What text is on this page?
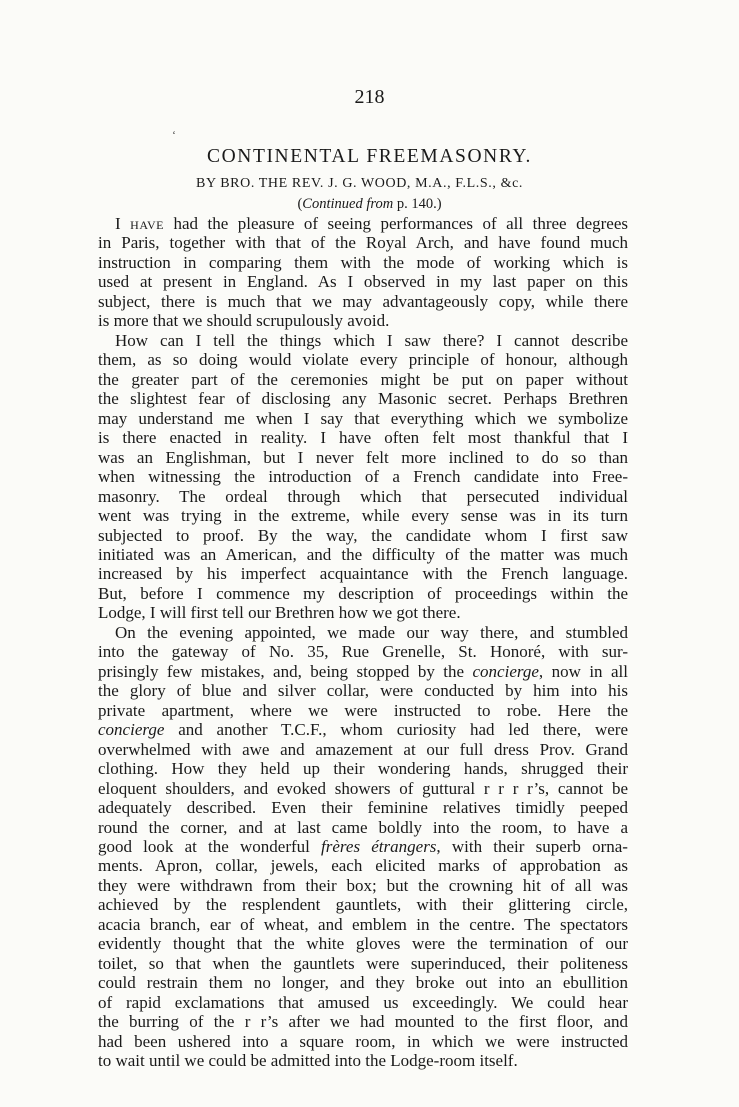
218
‘
CONTINENTAL FREEMASONRY.
BY BRO. THE REV. J. G. WOOD, M.A., F.L.S., &c.
(Continued from p. 140.)
I have had the pleasure of seeing performances of all three degrees
in Paris, together with that of the Royal Arch, and have found much
instruction in comparing them with the mode of working which is
used at present in England. As I observed in my last paper on this
subject, there is much that we may advantageously copy, while there
is more that we should scrupulously avoid.
How can I tell the things which I saw there? I cannot describe
them, as so doing would violate every principle of honour, although
the greater part of the ceremonies might be put on paper without
the slightest fear of disclosing any Masonic secret. Perhaps Brethren
may understand me when I say that everything which we symbolize
is there enacted in reality. I have often felt most thankful that I
was an Englishman, but I never felt more inclined to do so than
when witnessing the introduction of a French candidate into Free-
masonry. The ordeal through which that persecuted individual
went was trying in the extreme, while every sense was in its turn
subjected to proof. By the way, the candidate whom I first saw
initiated was an American, and the difficulty of the matter was much
increased by his imperfect acquaintance with the French language.
But, before I commence my description of proceedings within the
Lodge, I will first tell our Brethren how we got there.
On the evening appointed, we made our way there, and stumbled
into the gateway of No. 35, Rue Grenelle, St. Honoré, with sur-
prisingly few mistakes, and, being stopped by the concierge, now in all
the glory of blue and silver collar, were conducted by him into his
private apartment, where we were instructed to robe. Here the
concierge and another T.C.F., whom curiosity had led there, were
overwhelmed with awe and amazement at our full dress Prov. Grand
clothing. How they held up their wondering hands, shrugged their
eloquent shoulders, and evoked showers of guttural r r r r’s, cannot be
adequately described. Even their feminine relatives timidly peeped
round the corner, and at last came boldly into the room, to have a
good look at the wonderful frères étrangers, with their superb orna-
ments. Apron, collar, jewels, each elicited marks of approbation as
they were withdrawn from their box; but the crowning hit of all was
achieved by the resplendent gauntlets, with their glittering circle,
acacia branch, ear of wheat, and emblem in the centre. The spectators
evidently thought that the white gloves were the termination of our
toilet, so that when the gauntlets were superinduced, their politeness
could restrain them no longer, and they broke out into an ebullition
of rapid exclamations that amused us exceedingly. We could hear
the burring of the r r’s after we had mounted to the first floor, and
had been ushered into a square room, in which we were instructed
to wait until we could be admitted into the Lodge-room itself.
